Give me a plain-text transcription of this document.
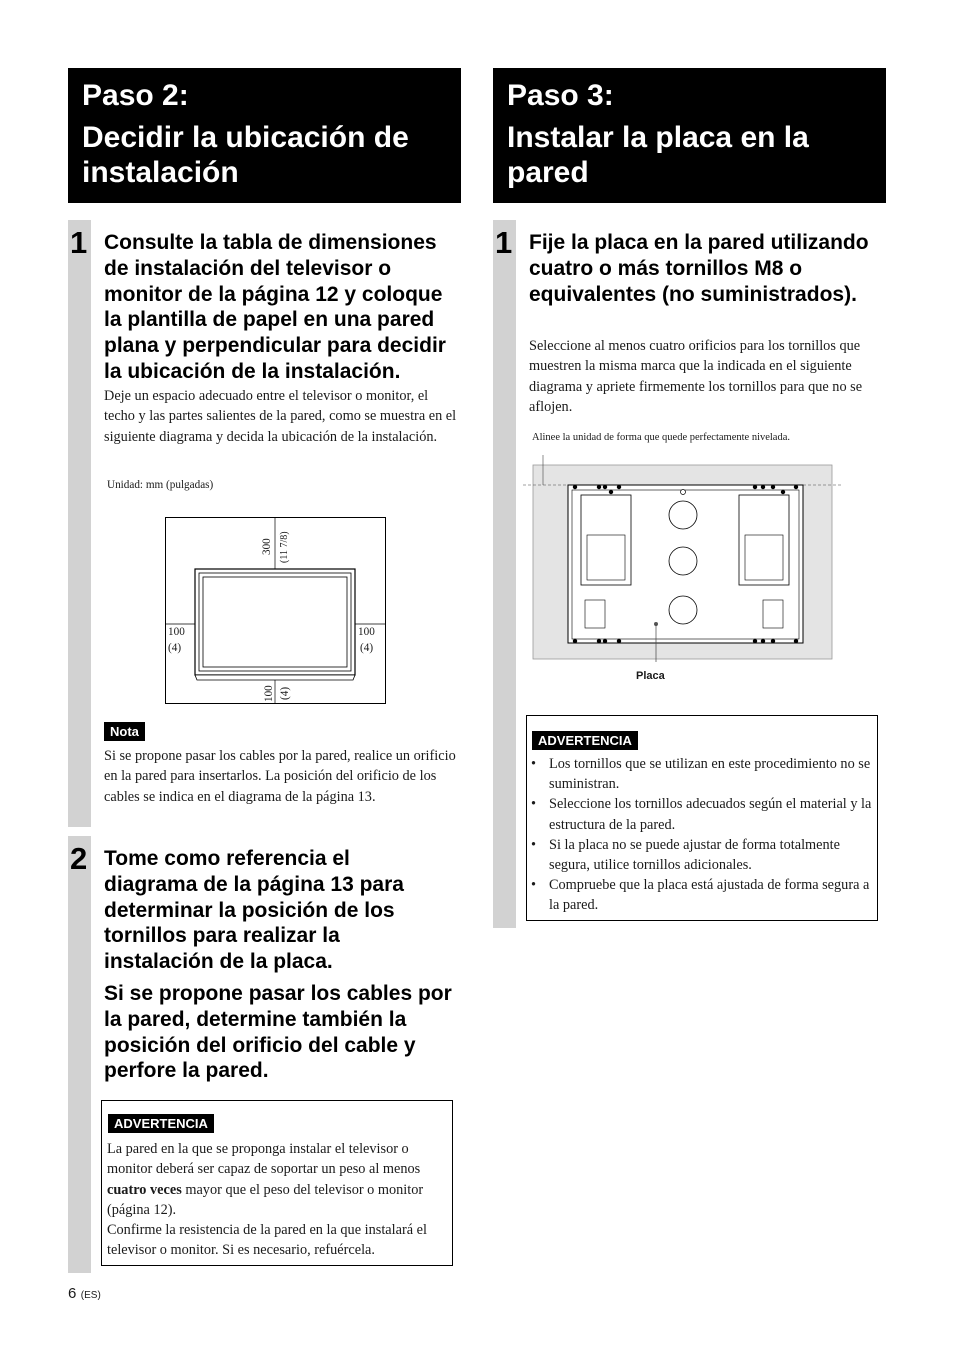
Paso 2:
Decidir la ubicación de instalación
Paso 3:
Instalar la placa en la pared
1 Consulte la tabla de dimensiones de instalación del televisor o monitor de la página 12 y coloque la plantilla de papel en una pared plana y perpendicular para decidir la ubicación de la instalación.

Deje un espacio adecuado entre el televisor o monitor, el techo y las partes salientes de la pared, como se muestra en el siguiente diagrama y decida la ubicación de la instalación.

Unidad: mm (pulgadas)
300 (11 7/8)
100
(4)
100
(4)
100 (4)
Nota

Si se propone pasar los cables por la pared, realice un orificio en la pared para insertarlos. La posición del orificio de los cables se indica en el diagrama de la página 13.

2 Tome como referencia el diagrama de la página 13 para determinar la posición de los tornillos para realizar la instalación de la placa.

Si se propone pasar los cables por la pared, determine también la posición del orificio del cable y perfore la pared.

ADVERTENCIA

La pared en la que se proponga instalar el televisor o monitor deberá ser capaz de soportar un peso al menos cuatro veces mayor que el peso del televisor o monitor (página 12).
Confirme la resistencia de la pared en la que instalará el televisor o monitor. Si es necesario, refuércela.

1 Fije la placa en la pared utilizando cuatro o más tornillos M8 o equivalentes (no suministrados).

Seleccione al menos cuatro orificios para los tornillos que muestren la misma marca que la indicada en el siguiente diagrama y apriete firmemente los tornillos para que no se aflojen.

Alinee la unidad de forma que quede perfectamente nivelada.
Placa
ADVERTENCIA
• Los tornillos que se utilizan en este procedimiento no se suministran.
• Seleccione los tornillos adecuados según el material y la estructura de la pared.
• Si la placa no se puede ajustar de forma totalmente segura, utilice tornillos adicionales.
• Compruebe que la placa está ajustada de forma segura a la pared.
6 (ES)
